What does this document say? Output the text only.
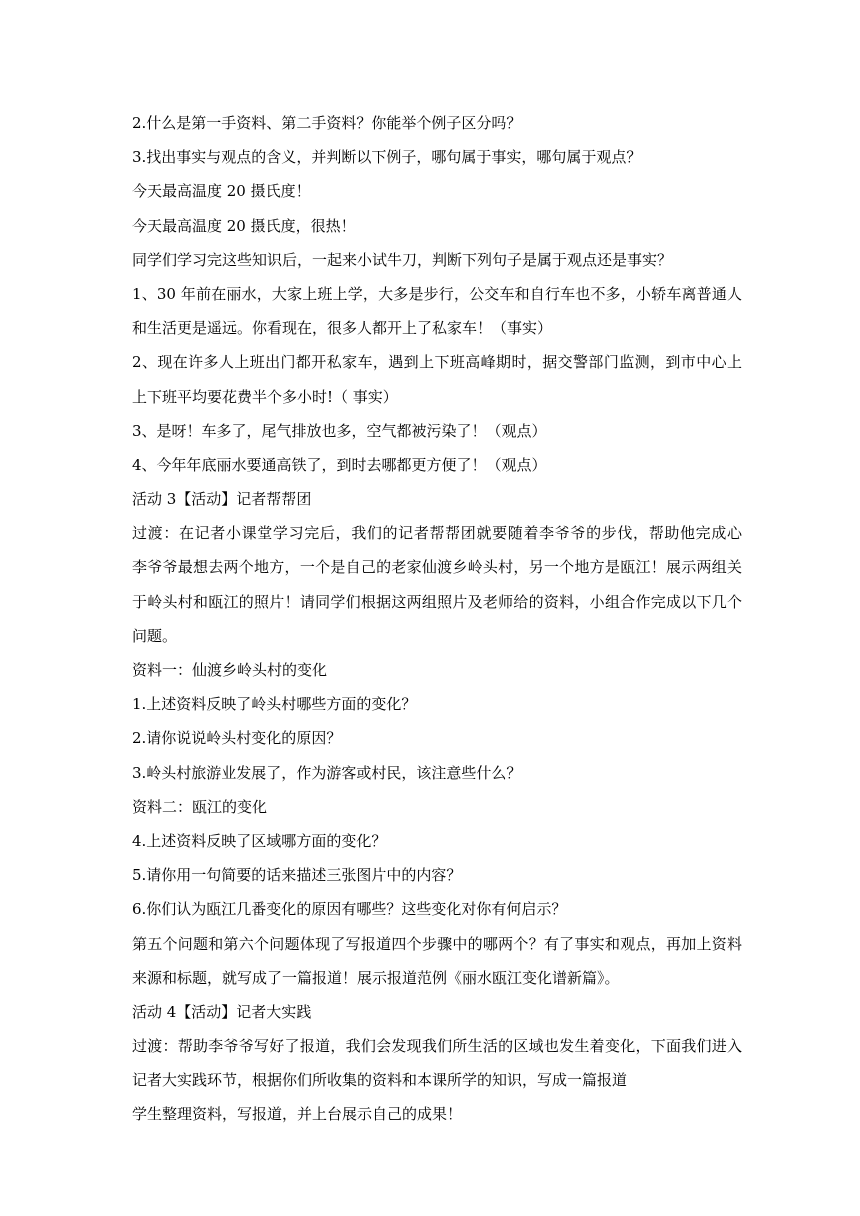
2.什么是第一手资料、第二手资料？你能举个例子区分吗？
3.找出事实与观点的含义，并判断以下例子，哪句属于事实，哪句属于观点？
今天最高温度 20 摄氏度！
今天最高温度 20 摄氏度，很热！
同学们学习完这些知识后，一起来小试牛刀，判断下列句子是属于观点还是事实？
1、30 年前在丽水，大家上班上学，大多是步行，公交车和自行车也不多，小轿车离普通人
和生活更是遥远。你看现在，很多人都开上了私家车！（事实）
2、现在许多人上班出门都开私家车，遇到上下班高峰期时，据交警部门监测，到市中心上
上下班平均要花费半个多小时!（ 事实）
3、是呀！车多了，尾气排放也多，空气都被污染了！（观点）
4、今年年底丽水要通高铁了，到时去哪都更方便了！（观点）
活动 3【活动】记者帮帮团
过渡：在记者小课堂学习完后，我们的记者帮帮团就要随着李爷爷的步伐，帮助他完成心
李爷爷最想去两个地方，一个是自己的老家仙渡乡岭头村，另一个地方是瓯江！展示两组关
于岭头村和瓯江的照片！请同学们根据这两组照片及老师给的资料，小组合作完成以下几个
问题。
资料一：仙渡乡岭头村的变化
1.上述资料反映了岭头村哪些方面的变化？
2.请你说说岭头村变化的原因？
3.岭头村旅游业发展了，作为游客或村民，该注意些什么？
资料二：瓯江的变化
4.上述资料反映了区域哪方面的变化？
5.请你用一句简要的话来描述三张图片中的内容？
6.你们认为瓯江几番变化的原因有哪些？这些变化对你有何启示？
第五个问题和第六个问题体现了写报道四个步骤中的哪两个？有了事实和观点，再加上资料
来源和标题，就写成了一篇报道！展示报道范例《丽水瓯江变化谱新篇》。
活动 4【活动】记者大实践
过渡：帮助李爷爷写好了报道，我们会发现我们所生活的区域也发生着变化，下面我们进入
记者大实践环节，根据你们所收集的资料和本课所学的知识，写成一篇报道
学生整理资料，写报道，并上台展示自己的成果！
